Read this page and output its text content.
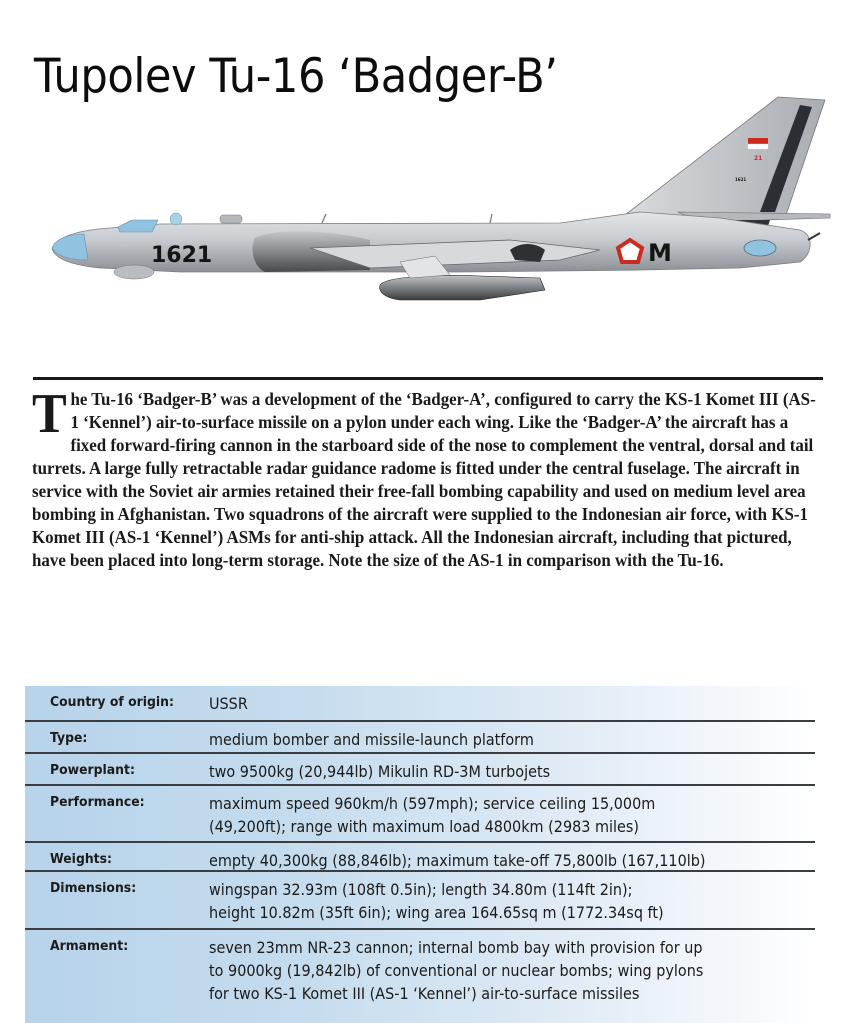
Tupolev Tu-16 ‘Badger-B’
1621	M
21
1621
The Tu-16 ‘Badger-B’ was a development of the ‘Badger-A’, configured to carry the KS-1 Komet III (AS-1 ‘Kennel’) air-to-surface missile on a pylon under each wing. Like the ‘Badger-A’ the aircraft has a fixed forward-firing cannon in the starboard side of the nose to complement the ventral, dorsal and tail turrets. A large fully retractable radar guidance radome is fitted under the central fuselage. The aircraft in service with the Soviet air armies retained their free-fall bombing capability and used on medium level area bombing in Afghanistan. Two squadrons of the aircraft were supplied to the Indonesian air force, with KS-1 Komet III (AS-1 ‘Kennel’) ASMs for anti-ship attack. All the Indonesian aircraft, including that pictured, have been placed into long-term storage. Note the size of the AS-1 in comparison with the Tu-16.
Country of origin: USSR
Type:	medium bomber and missile-launch platform
Powerplant:	two 9500kg (20,944lb) Mikulin RD-3M turbojets
Performance:	maximum speed 960km/h (597mph); service ceiling 15,000m
(49,200ft); range with maximum load 4800km (2983 miles)
Weights:	empty 40,300kg (88,846lb); maximum take-off 75,800lb (167,110lb)
Dimensions:	wingspan 32.93m (108ft 0.5in); length 34.80m (114ft 2in);
height 10.82m (35ft 6in); wing area 164.65sq m (1772.34sq ft)
Armament:	seven 23mm NR-23 cannon; internal bomb bay with provision for up
to 9000kg (19,842lb) of conventional or nuclear bombs; wing pylons
for two KS-1 Komet III (AS-1 ‘Kennel’) air-to-surface missiles
